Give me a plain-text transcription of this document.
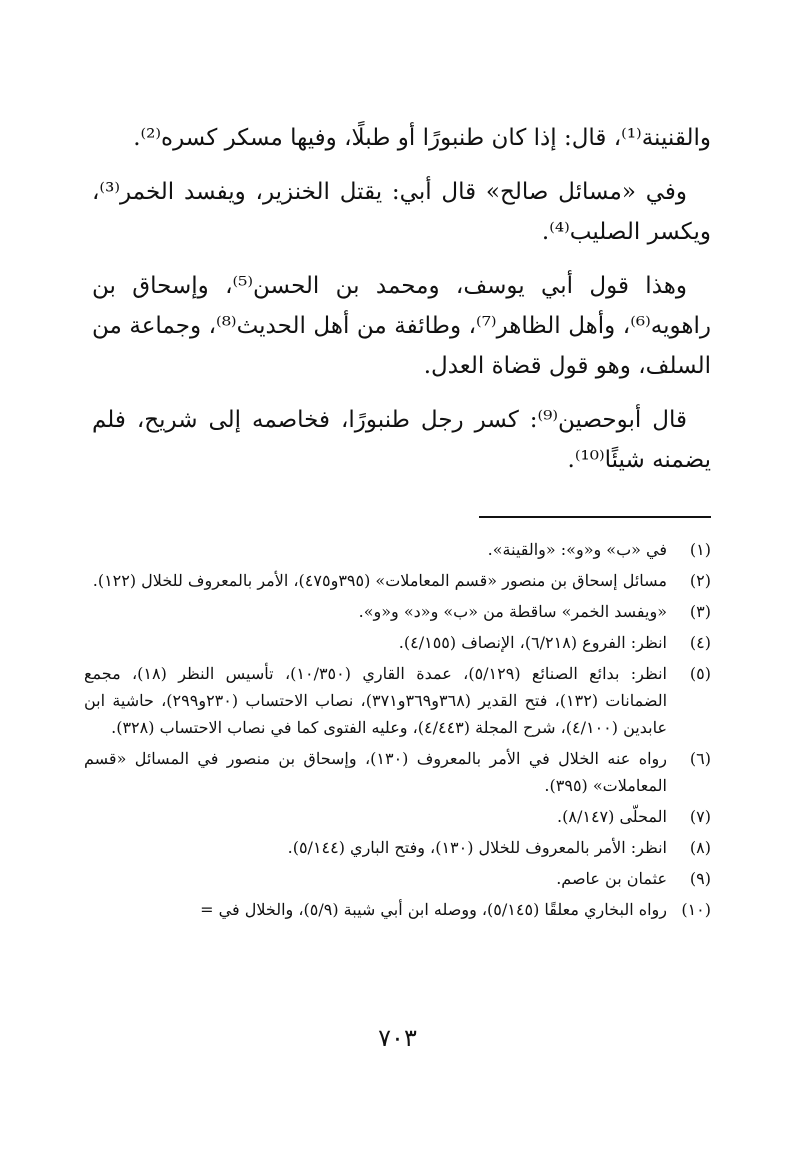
والقنينة⁽¹⁾، قال: إذا كان طنبورًا أو طبلًا، وفيها مسكر كسره⁽²⁾.

وفي «مسائل صالح» قال أبي: يقتل الخنزير، ويفسد الخمر⁽³⁾، ويكسر الصليب⁽⁴⁾.

وهذا قول أبي يوسف، ومحمد بن الحسن⁽⁵⁾، وإسحاق بن راهويه⁽⁶⁾، وأهل الظاهر⁽⁷⁾، وطائفة من أهل الحديث⁽⁸⁾، وجماعة من السلف، وهو قول قضاة العدل.

قال أبوحصين⁽⁹⁾: كسر رجل طنبورًا، فخاصمه إلى شريح، فلم يضمنه شيئًا⁽¹⁰⁾.

(١)
في «ب» و«و»: «والقينة».
(٢)
مسائل إسحاق بن منصور «قسم المعاملات» (٣٩٥و٤٧٥)، الأمر بالمعروف للخلال (١٢٢).
(٣)
«ويفسد الخمر» ساقطة من «ب» و«د» و«و».
(٤)
انظر: الفروع (٦/٢١٨)، الإنصاف (٤/١٥٥).
(٥)
انظر: بدائع الصنائع (٥/١٢٩)، عمدة القاري (١٠/٣٥٠)، تأسيس النظر (١٨)، مجمع الضمانات (١٣٢)، فتح القدير (٣٦٨و٣٦٩و٣٧١)، نصاب الاحتساب (٢٣٠و٢٩٩)، حاشية ابن عابدين (٤/١٠٠)، شرح المجلة (٤/٤٤٣)، وعليه الفتوى كما في نصاب الاحتساب (٣٢٨).
(٦)
رواه عنه الخلال في الأمر بالمعروف (١٣٠)، وإسحاق بن منصور في المسائل «قسم المعاملات» (٣٩٥).
(٧)
المحلّى (٨/١٤٧).
(٨)
انظر: الأمر بالمعروف للخلال (١٣٠)، وفتح الباري (٥/١٤٤).
(٩)
عثمان بن عاصم.
(١٠)
رواه البخاري معلقًا (٥/١٤٥)، ووصله ابن أبي شيبة (٥/٩)، والخلال في =
٧٠٣
